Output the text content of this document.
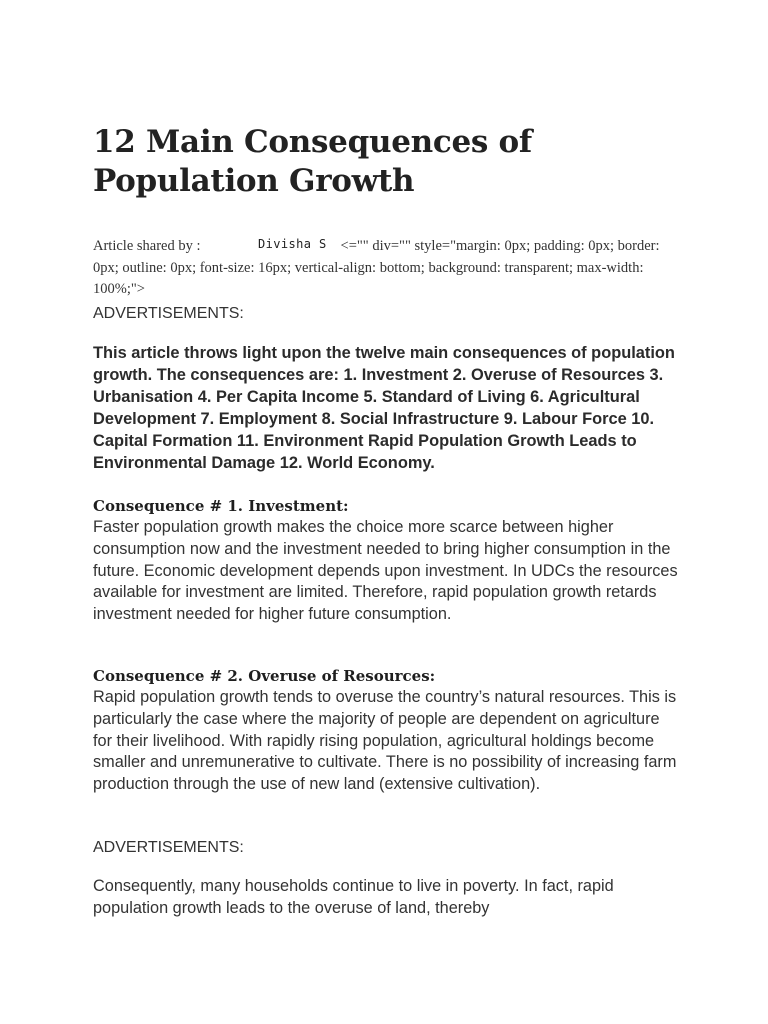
12 Main Consequences of Population Growth

Article shared by :	Divisha S <="" div="" style="margin: 0px; padding: 0px; border: 0px; outline: 0px; font-size: 16px; vertical-align: bottom; background: transparent; max-width: 100%;">

ADVERTISEMENTS:

This article throws light upon the twelve main consequences of population growth. The consequences are: 1. Investment 2. Overuse of Resources 3. Urbanisation 4. Per Capita Income 5. Standard of Living 6. Agricultural Development 7. Employment 8. Social Infrastructure 9. Labour Force 10. Capital Formation 11. Environment Rapid Population Growth Leads to Environmental Damage 12. World Economy.

Consequence # 1. Investment:

Faster population growth makes the choice more scarce between higher consumption now and the investment needed to bring higher consumption in the future. Economic development depends upon investment. In UDCs the resources available for investment are limited. Therefore, rapid population growth retards investment needed for higher future consumption.

Consequence # 2. Overuse of Resources:

Rapid population growth tends to overuse the country’s natural resources. This is particularly the case where the majority of people are dependent on agriculture for their livelihood. With rapidly rising population, agricultural holdings become smaller and unremunerative to cultivate. There is no possibility of increasing farm production through the use of new land (extensive cultivation).

ADVERTISEMENTS:

Consequently, many households continue to live in poverty. In fact, rapid population growth leads to the overuse of land, thereby
